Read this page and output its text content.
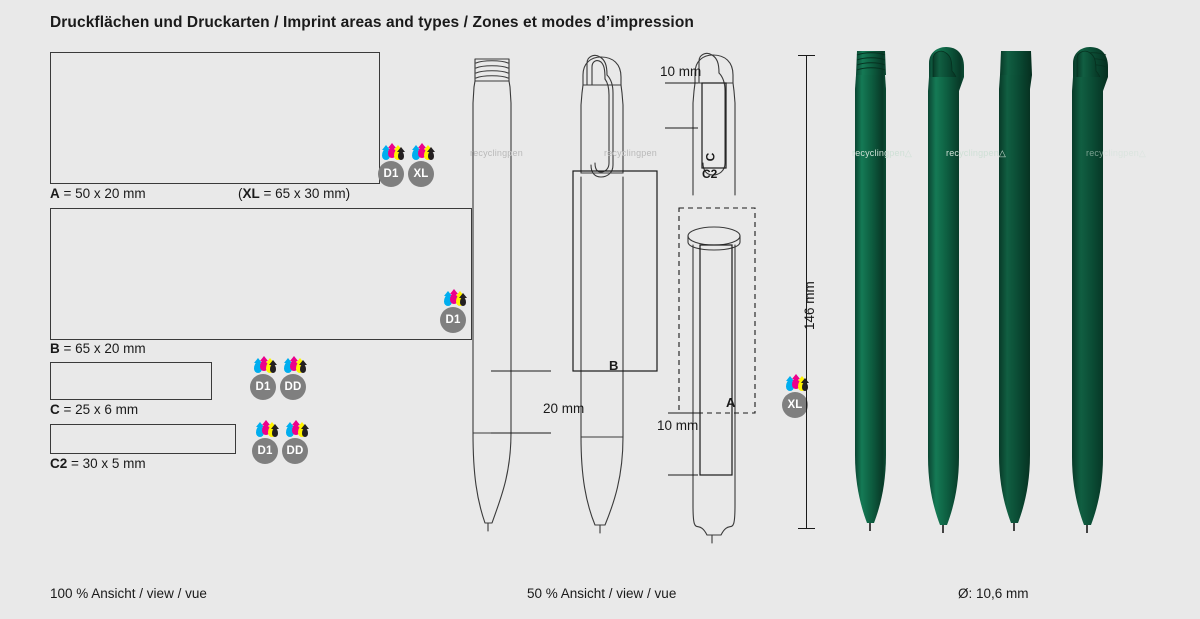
Druckflächen und Druckarten / Imprint areas and types / Zones et modes d’impression
D1	XL
A = 50 x 20 mm	(XL = 65 x 30 mm)
D1
B = 65 x 20 mm
D1	DD
C = 25 x 6 mm
D1	DD
C2 = 30 x 5 mm
recyclingpen	recyclingpen	C
C2
B
A	XL
10 mm
20 mm
10 mm
146 mm
recyclingpen△	recyclingpen△	recyclingpen△
100 % Ansicht / view / vue	50 % Ansicht / view / vue	Ø: 10,6 mm
